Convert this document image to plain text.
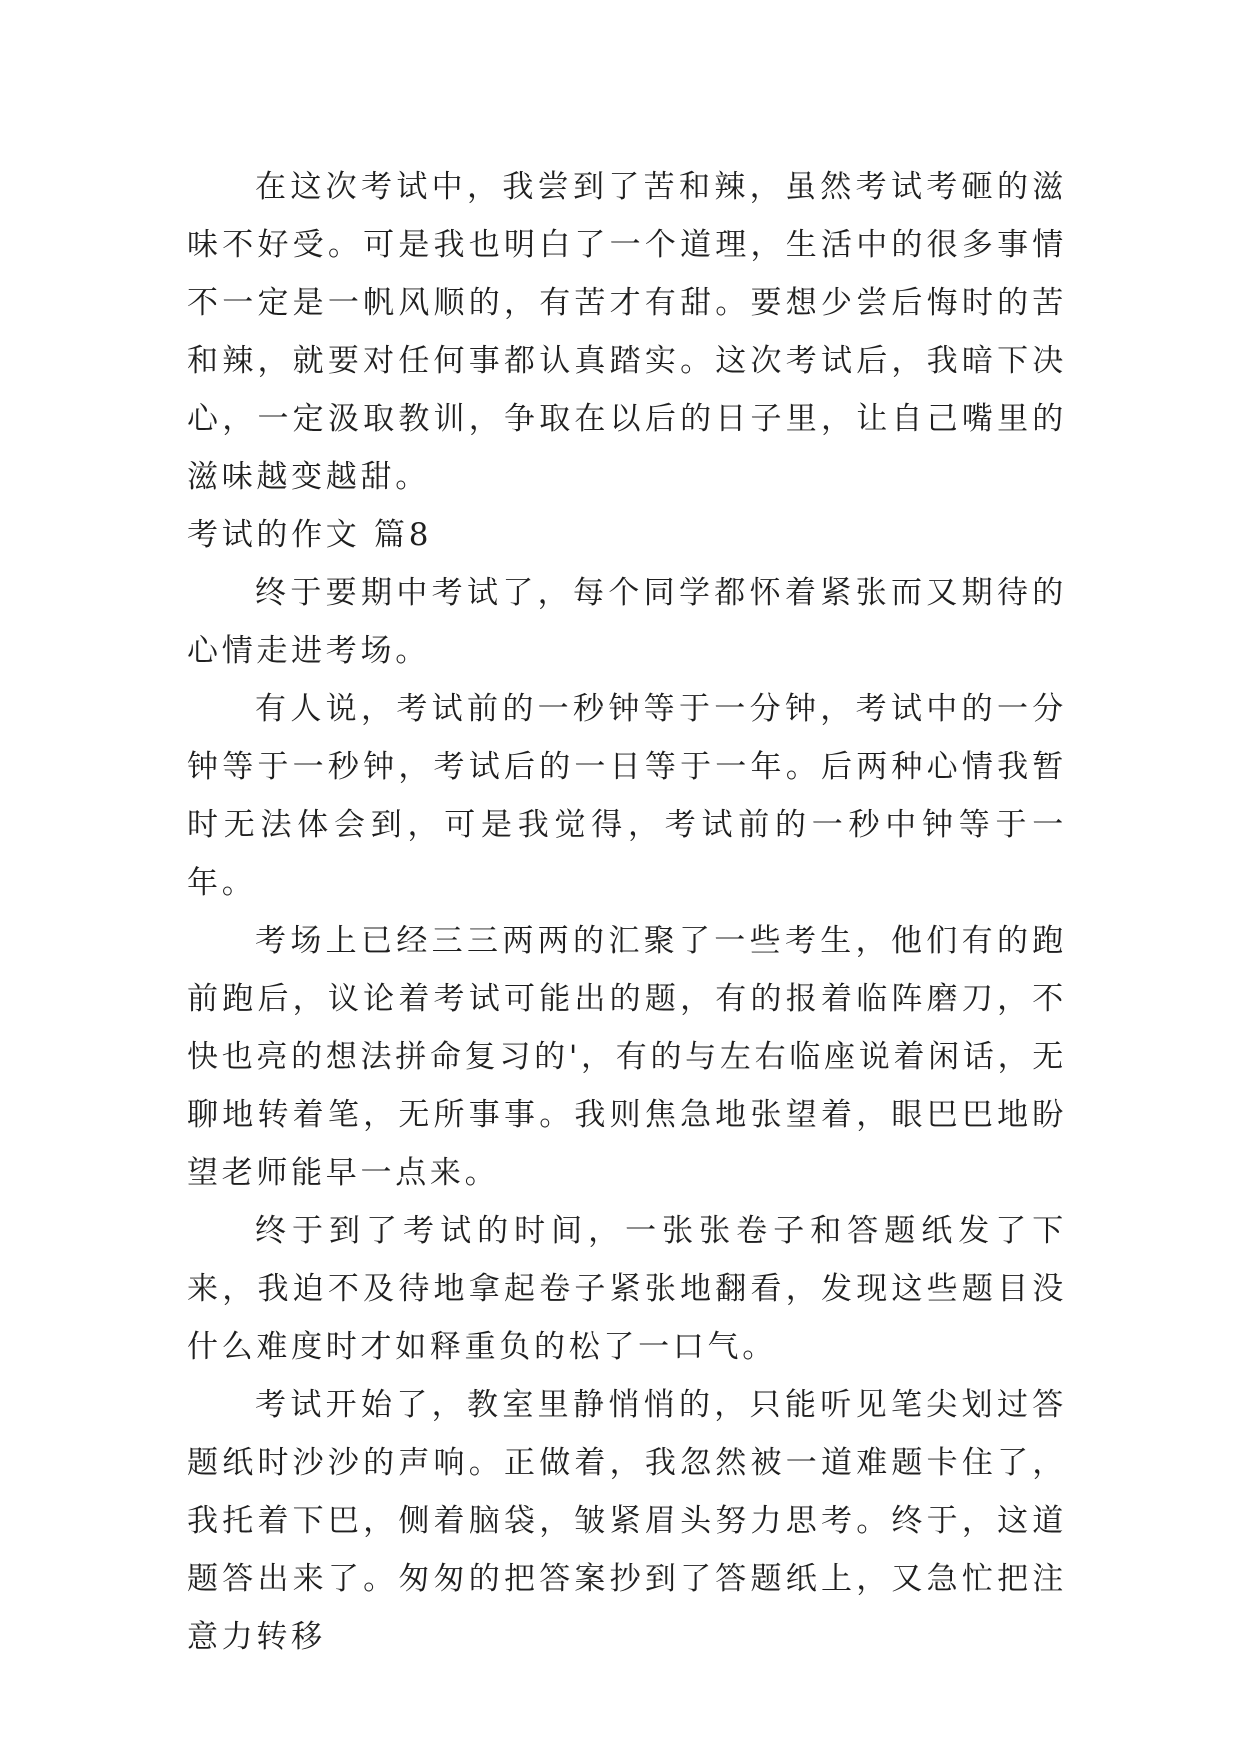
在这次考试中，我尝到了苦和辣，虽然考试考砸的滋味不好受。可是我也明白了一个道理，生活中的很多事情不一定是一帆风顺的，有苦才有甜。要想少尝后悔时的苦和辣，就要对任何事都认真踏实。这次考试后，我暗下决心，一定汲取教训，争取在以后的日子里，让自己嘴里的滋味越变越甜。

考试的作文 篇8

终于要期中考试了，每个同学都怀着紧张而又期待的心情走进考场。

有人说，考试前的一秒钟等于一分钟，考试中的一分钟等于一秒钟，考试后的一日等于一年。后两种心情我暂时无法体会到，可是我觉得，考试前的一秒中钟等于一年。

考场上已经三三两两的汇聚了一些考生，他们有的跑前跑后，议论着考试可能出的题，有的报着临阵磨刀，不快也亮的想法拼命复习的'，有的与左右临座说着闲话，无聊地转着笔，无所事事。我则焦急地张望着，眼巴巴地盼望老师能早一点来。

终于到了考试的时间，一张张卷子和答题纸发了下来，我迫不及待地拿起卷子紧张地翻看，发现这些题目没什么难度时才如释重负的松了一口气。

考试开始了，教室里静悄悄的，只能听见笔尖划过答题纸时沙沙的声响。正做着，我忽然被一道难题卡住了，我托着下巴，侧着脑袋，皱紧眉头努力思考。终于，这道题答出来了。匆匆的把答案抄到了答题纸上，又急忙把注意力转移
